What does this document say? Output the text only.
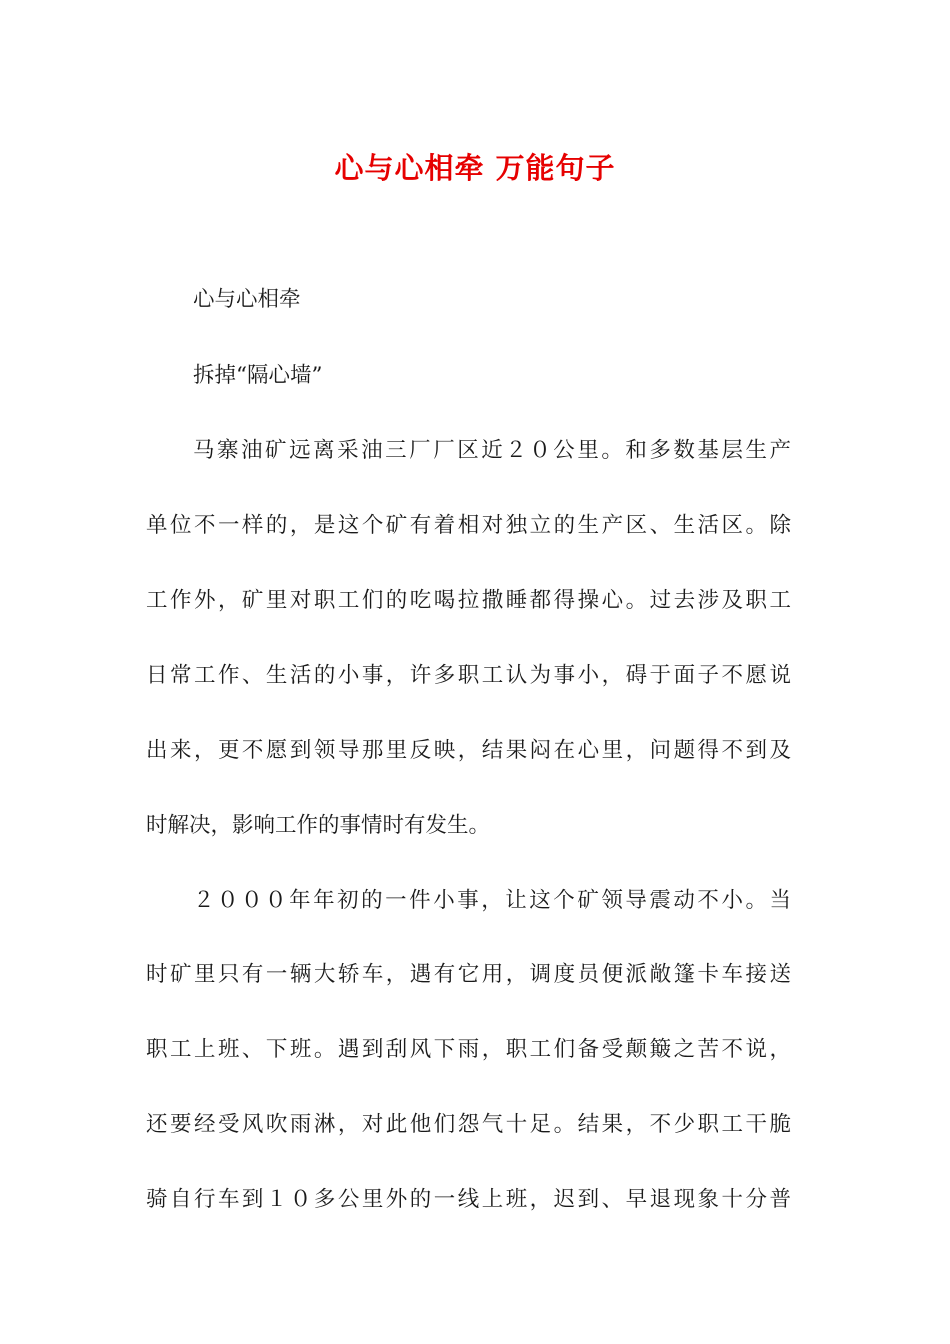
心与心相牵 万能句子
心与心相牵
拆掉“隔心墙”
马寨油矿远离采油三厂厂区近２０公里。和多数基层生产
单位不一样的，是这个矿有着相对独立的生产区、生活区。除
工作外，矿里对职工们的吃喝拉撒睡都得操心。过去涉及职工
日常工作、生活的小事，许多职工认为事小，碍于面子不愿说
出来，更不愿到领导那里反映，结果闷在心里，问题得不到及
时解决，影响工作的事情时有发生。
２０００年年初的一件小事，让这个矿领导震动不小。当
时矿里只有一辆大轿车，遇有它用，调度员便派敞篷卡车接送
职工上班、下班。遇到刮风下雨，职工们备受颠簸之苦不说，
还要经受风吹雨淋，对此他们怨气十足。结果，不少职工干脆
骑自行车到１０多公里外的一线上班，迟到、早退现象十分普
